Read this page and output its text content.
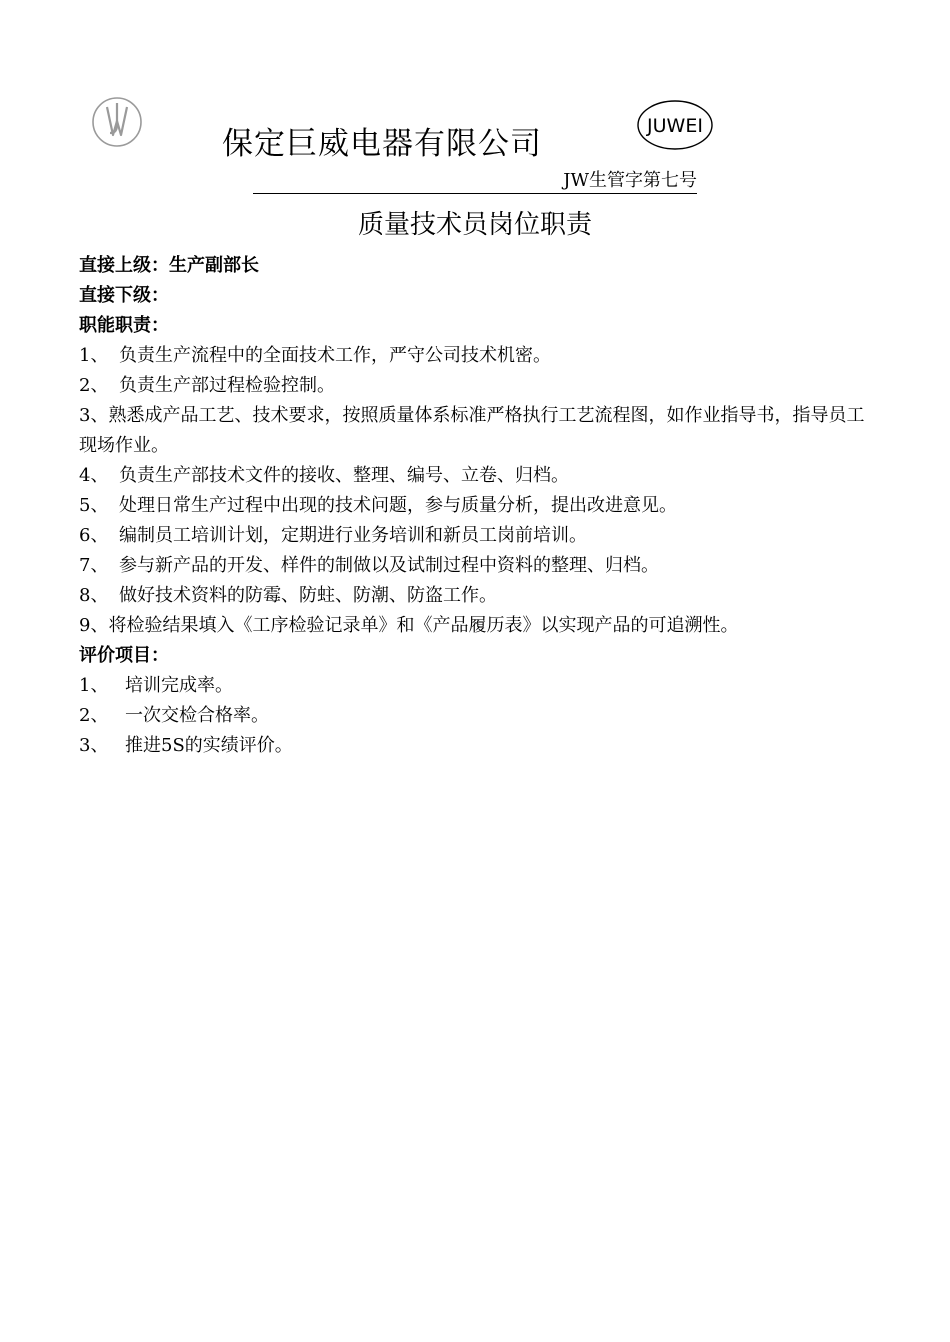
JUWEI
保定巨威电器有限公司
JW生管字第七号
质量技术员岗位职责

直接上级：生产副部长

直接下级：

职能职责：

1、 负责生产流程中的全面技术工作，严守公司技术机密。

2、 负责生产部过程检验控制。

3、熟悉成产品工艺、技术要求，按照质量体系标准严格执行工艺流程图，如作业指导书，指导员工现场作业。

4、 负责生产部技术文件的接收、整理、编号、立卷、归档。

5、 处理日常生产过程中出现的技术问题，参与质量分析，提出改进意见。

6、 编制员工培训计划，定期进行业务培训和新员工岗前培训。

7、 参与新产品的开发、样件的制做以及试制过程中资料的整理、归档。

8、 做好技术资料的防霉、防蛀、防潮、防盗工作。

9、将检验结果填入《工序检验记录单》和《产品履历表》以实现产品的可追溯性。

评价项目：

1、 培训完成率。

2、 一次交检合格率。

3、 推进5S的实绩评价。
